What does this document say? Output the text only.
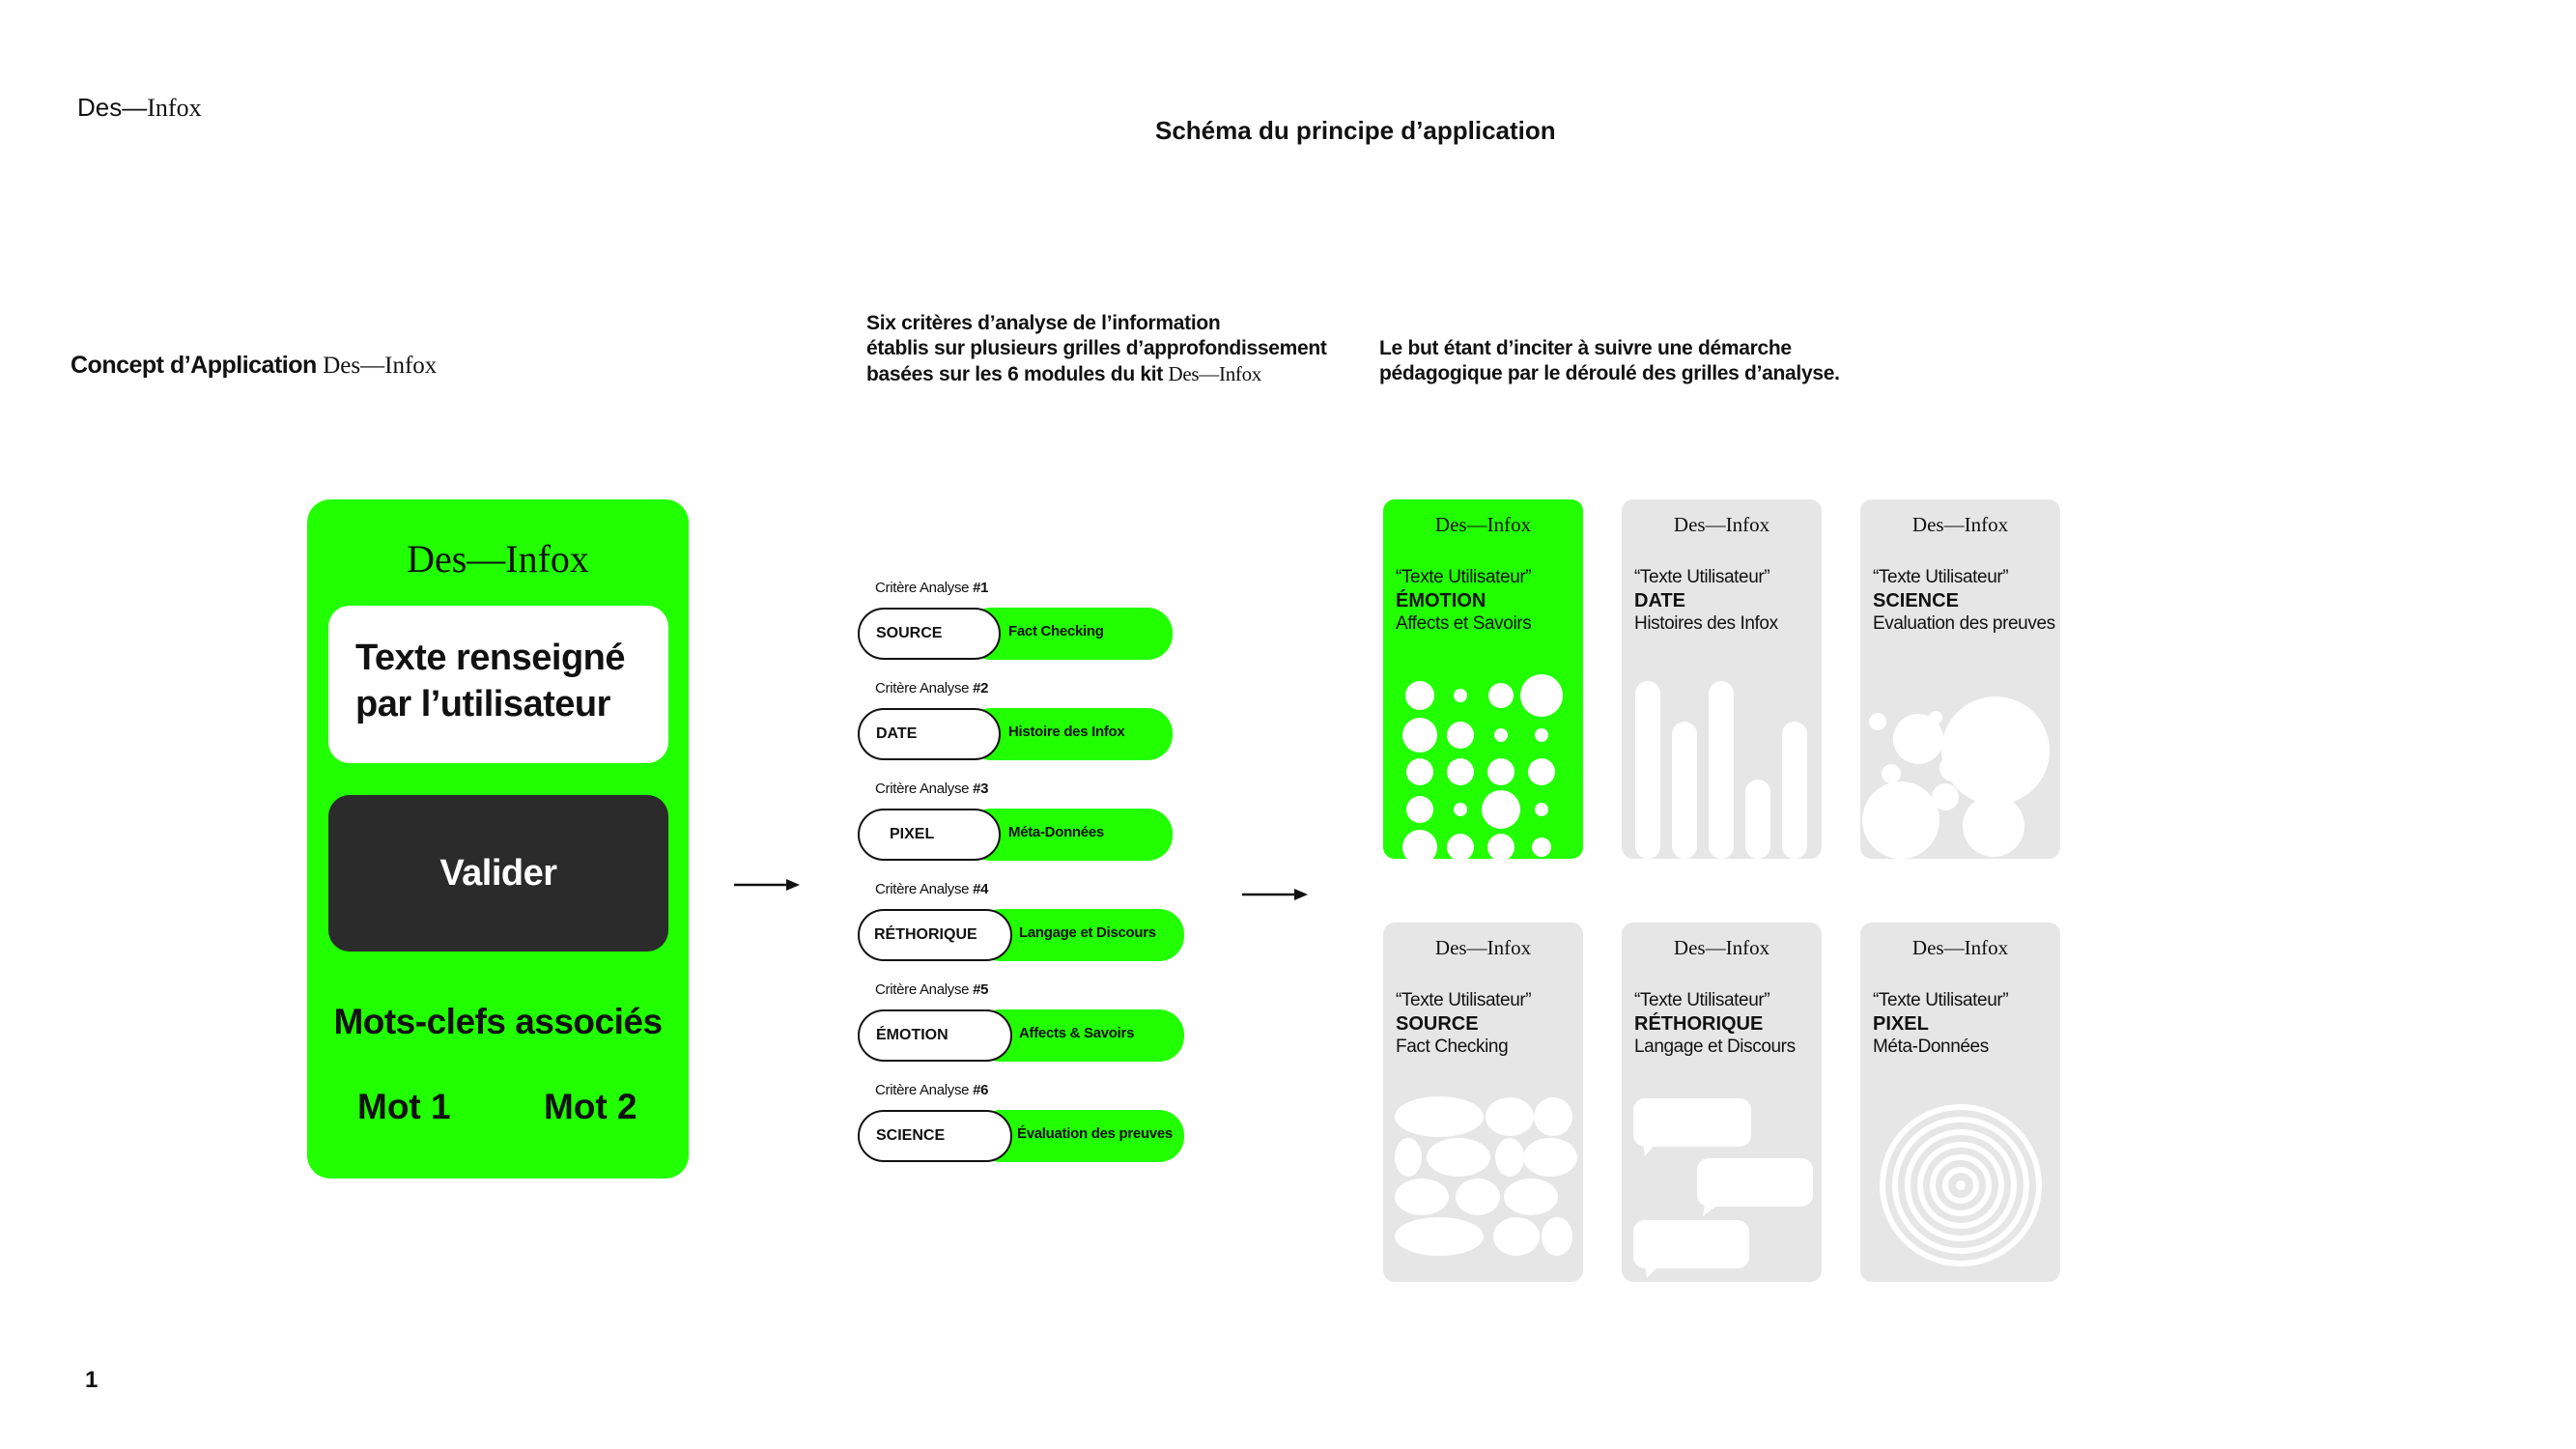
Des—Infox
Schéma du principe d’application
Concept d’Application Des—Infox
Six critères d’analyse de l’information
établis sur plusieurs grilles d’approfondissement
basées sur les 6 modules du kit Des—Infox
Le but étant d’inciter à suivre une démarche
pédagogique par le déroulé des grilles d’analyse.
Des—Infox
Texte renseigné
par l’utilisateur
Valider
Mots-clefs associés
Mot 1	Mot 2
Critère Analyse #1
SOURCE	Fact Checking
Critère Analyse #2
DATE	Histoire des Infox
Critère Analyse #3
PIXEL	Méta-Données
Critère Analyse #4
RÉTHORIQUE	Langage et Discours
Critère Analyse #5
ÉMOTION	Affects & Savoirs
Critère Analyse #6
SCIENCE	Évaluation des preuves
Des—Infox
“Texte Utilisateur”
ÉMOTION
Affects et Savoirs
Des—Infox
“Texte Utilisateur”
DATE
Histoires des Infox
Des—Infox
“Texte Utilisateur”
SCIENCE
Evaluation des preuves
Des—Infox
“Texte Utilisateur”
SOURCE
Fact Checking
Des—Infox
“Texte Utilisateur”
RÉTHORIQUE
Langage et Discours
Des—Infox
“Texte Utilisateur”
PIXEL
Méta-Données
1
